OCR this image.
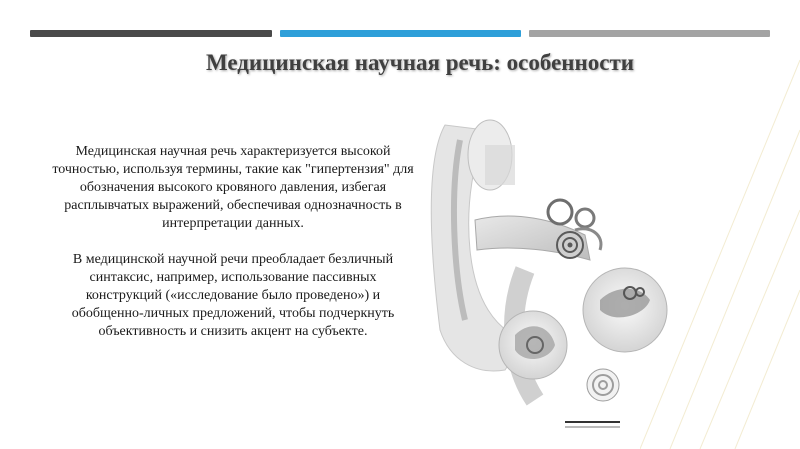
Медицинская научная речь: особенности

Медицинская научная речь характеризуется высокой точностью, используя термины, такие как "гипертензия" для обозначения высокого кровяного давления, избегая расплывчатых выражений, обеспечивая однозначность в интерпретации данных.

В медицинской научной речи преобладает безличный синтаксис, например, использование пассивных конструкций («исследование было проведено») и обобщенно-личных предложений, чтобы подчеркнуть объективность и снизить акцент на субъекте.
